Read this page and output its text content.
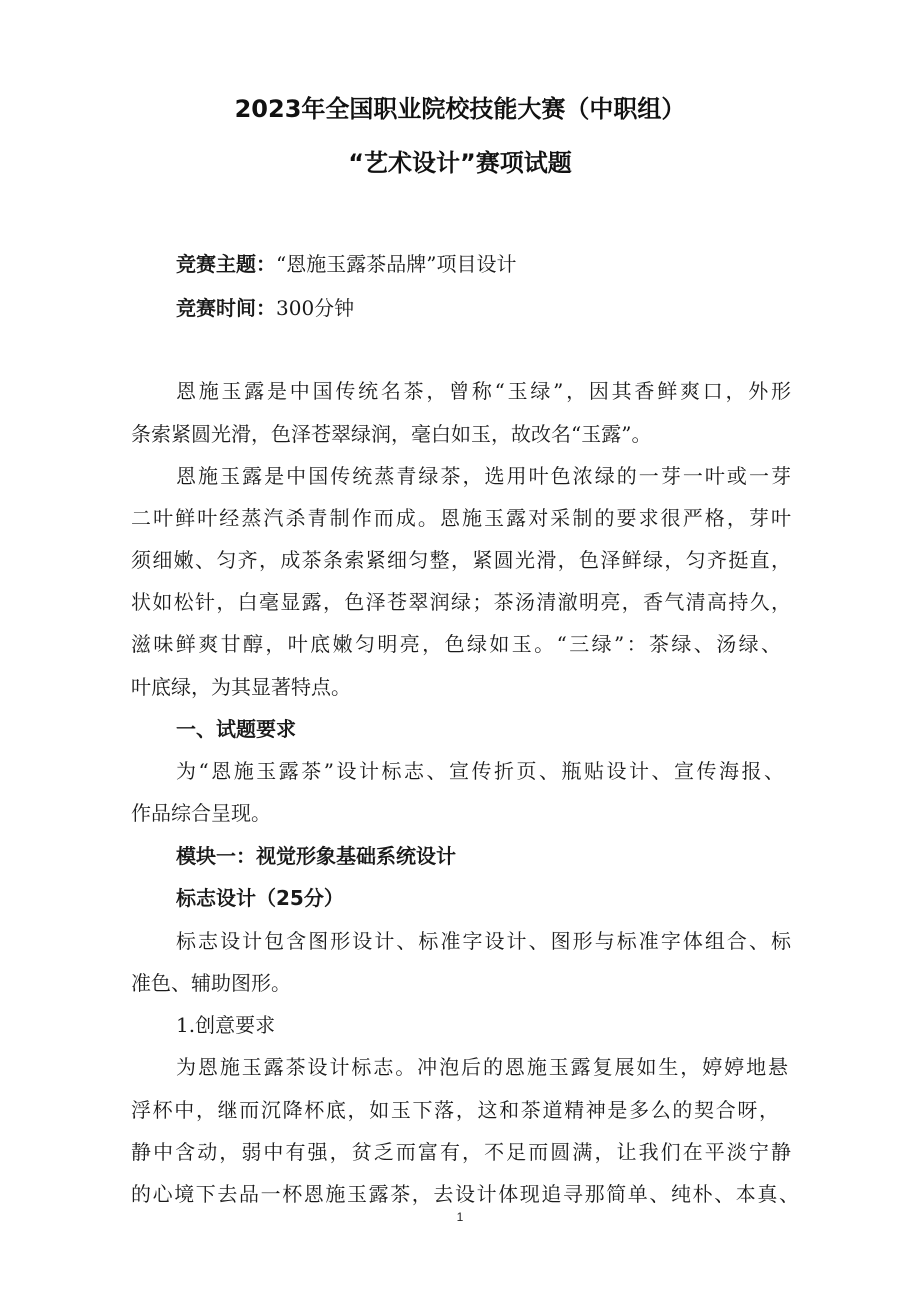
2023年全国职业院校技能大赛（中职组）
“艺术设计”赛项试题
竞赛主题：“恩施玉露茶品牌”项目设计
竞赛时间：300分钟
恩施玉露是中国传统名茶，曾称“玉绿”，因其香鲜爽口，外形
条索紧圆光滑，色泽苍翠绿润，毫白如玉，故改名“玉露”。
恩施玉露是中国传统蒸青绿茶，选用叶色浓绿的一芽一叶或一芽
二叶鲜叶经蒸汽杀青制作而成。恩施玉露对采制的要求很严格，芽叶
须细嫩、匀齐，成茶条索紧细匀整，紧圆光滑，色泽鲜绿，匀齐挺直，
状如松针，白毫显露，色泽苍翠润绿；茶汤清澈明亮，香气清高持久，
滋味鲜爽甘醇，叶底嫩匀明亮，色绿如玉。“三绿”：茶绿、汤绿、
叶底绿，为其显著特点。
一、试题要求
为“恩施玉露茶”设计标志、宣传折页、瓶贴设计、宣传海报、
作品综合呈现。
模块一：视觉形象基础系统设计
标志设计（25分）
标志设计包含图形设计、标准字设计、图形与标准字体组合、标
准色、辅助图形。
1.创意要求
为恩施玉露茶设计标志。冲泡后的恩施玉露复展如生，婷婷地悬
浮杯中，继而沉降杯底，如玉下落，这和茶道精神是多么的契合呀，
静中含动，弱中有强，贫乏而富有，不足而圆满，让我们在平淡宁静
的心境下去品一杯恩施玉露茶，去设计体现追寻那简单、纯朴、本真、
1
